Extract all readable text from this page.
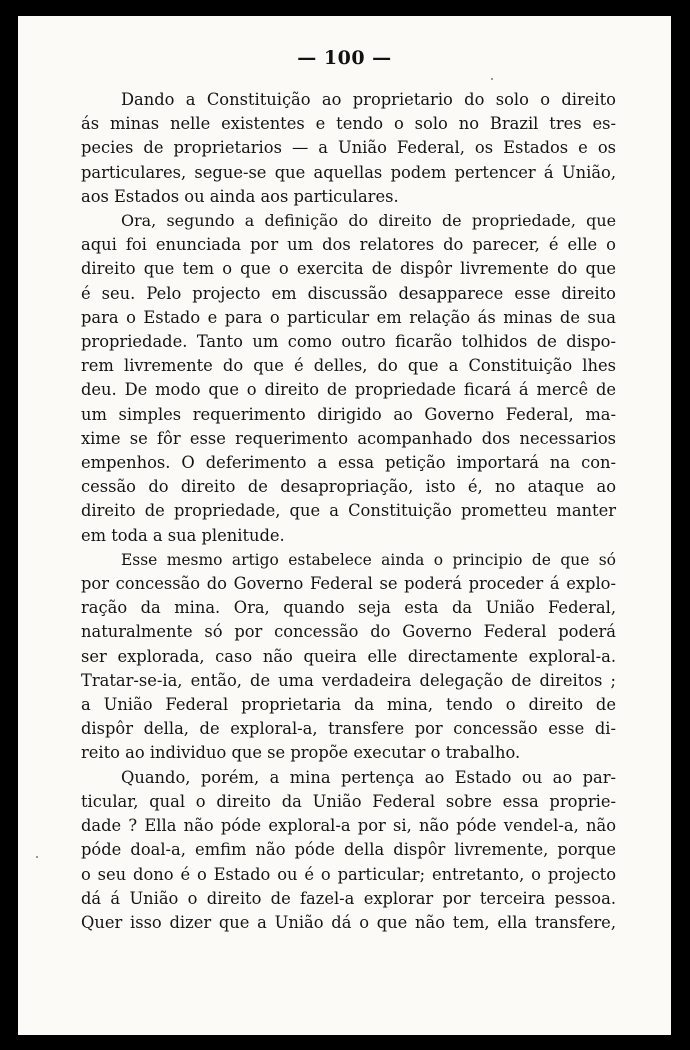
— 100 —

Dando a Constituição ao proprietario do solo o direito
ás minas nelle existentes e tendo o solo no Brazil tres es-
pecies de proprietarios — a União Federal, os Estados e os
particulares, segue-se que aquellas podem pertencer á União,
aos Estados ou ainda aos particulares.

Ora, segundo a definição do direito de propriedade, que
aqui foi enunciada por um dos relatores do parecer, é elle o
direito que tem o que o exercita de dispôr livremente do que
é seu. Pelo projecto em discussão desapparece esse direito
para o Estado e para o particular em relação ás minas de sua
propriedade. Tanto um como outro ficarão tolhidos de dispo-
rem livremente do que é delles, do que a Constituição lhes
deu. De modo que o direito de propriedade ficará á mercê de
um simples requerimento dirigido ao Governo Federal, ma-
xime se fôr esse requerimento acompanhado dos necessarios
empenhos. O deferimento a essa petição importará na con-
cessão do direito de desapropriação, isto é, no ataque ao
direito de propriedade, que a Constituição prometteu manter
em toda a sua plenitude.

Esse mesmo artigo estabelece ainda o principio de que só
por concessão do Governo Federal se poderá proceder á explo-
ração da mina. Ora, quando seja esta da União Federal,
naturalmente só por concessão do Governo Federal poderá
ser explorada, caso não queira elle directamente exploral-a.
Tratar-se-ia, então, de uma verdadeira delegação de direitos ;
a União Federal proprietaria da mina, tendo o direito de
dispôr della, de exploral-a, transfere por concessão esse di-
reito ao individuo que se propõe executar o trabalho.

Quando, porém, a mina pertença ao Estado ou ao par-
ticular, qual o direito da União Federal sobre essa proprie-
dade ? Ella não póde exploral-a por si, não póde vendel-a, não
póde doal-a, emfim não póde della dispôr livremente, porque
o seu dono é o Estado ou é o particular; entretanto, o projecto
dá á União o direito de fazel-a explorar por terceira pessoa.
Quer isso dizer que a União dá o que não tem, ella transfere,
